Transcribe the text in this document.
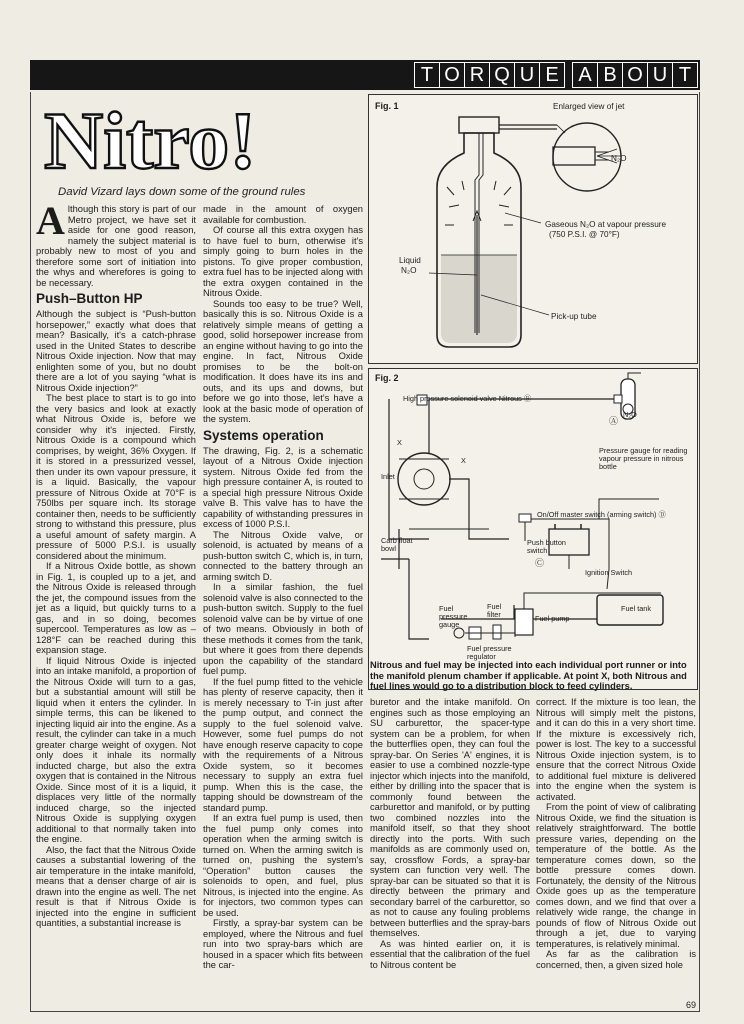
T O R Q U E A B O U T
Nitro!
David Vizard lays down some of the ground rules

Although this story is part of our Metro project, we have set it aside for one good reason, namely the subject material is probably new to most of you and therefore some sort of initiation into the whys and wherefores is going to be necessary.

Push–Button HP

Although the subject is “Push-button horsepower,” exactly what does that mean? Basically, it's a catch-phrase used in the United States to describe Nitrous Oxide injection. Now that may enlighten some of you, but no doubt there are a lot of you saying “what is Nitrous Oxide injection?”

The best place to start is to go into the very basics and look at exactly what Nitrous Oxide is, before we consider why it's injected. Firstly, Nitrous Oxide is a compound which comprises, by weight, 36% Oxygen. If it is stored in a pressurized vessel, then under its own vapour pressure, it is a liquid. Basically, the vapour pressure of Nitrous Oxide at 70°F is 750lbs per square inch. Its storage container then, needs to be sufficiently strong to withstand this pressure, plus a useful amount of safety margin. A pressure of 5000 P.S.I. is usually considered about the minimum.

If a Nitrous Oxide bottle, as shown in Fig. 1, is coupled up to a jet, and the Nitrous Oxide is released through the jet, the compound issues from the jet as a liquid, but quickly turns to a gas, and in so doing, becomes supercool. Temperatures as low as –128°F can be reached during this expansion stage.

If liquid Nitrous Oxide is injected into an intake manifold, a proportion of the Nitrous Oxide will turn to a gas, but a substantial amount will still be liquid when it enters the cylinder. In simple terms, this can be likened to injecting liquid air into the engine. As a result, the cylinder can take in a much greater charge weight of oxygen. Not only does it inhale its normally inducted charge, but also the extra oxygen that is contained in the Nitrous Oxide. Since most of it is a liquid, it displaces very little of the normally induced charge, so the injected Nitrous Oxide is supplying oxygen additional to that normally taken into the engine.

Also, the fact that the Nitrous Oxide causes a substantial lowering of the air temperature in the intake manifold, means that a denser charge of air is drawn into the engine as well. The net result is that if Nitrous Oxide is injected into the engine in sufficient quantities, a substantial increase is

made in the amount of oxygen available for combustion.

Of course all this extra oxygen has to have fuel to burn, otherwise it's simply going to burn holes in the pistons. To give proper combustion, extra fuel has to be injected along with the extra oxygen contained in the Nitrous Oxide.

Sounds too easy to be true? Well, basically this is so. Nitrous Oxide is a relatively simple means of getting a good, solid horsepower increase from an engine without having to go into the engine. In fact, Nitrous Oxide promises to be the bolt-on modification. It does have its ins and outs, and its ups and downs, but before we go into those, let's have a look at the basic mode of operation of the system.

Systems operation

The drawing, Fig. 2, is a schematic layout of a Nitrous Oxide injection system. Nitrous Oxide fed from the high pressure container A, is routed to a special high pressure Nitrous Oxide valve B. This valve has to have the capability of withstanding pressures in excess of 1000 P.S.I.

The Nitrous Oxide valve, or solenoid, is actuated by means of a push-button switch C, which is, in turn, connected to the battery through an arming switch D.

In a similar fashion, the fuel solenoid valve is also connected to the push-button switch. Supply to the fuel solenoid valve can be by virtue of one of two means. Obviously in both of these methods it comes from the tank, but where it goes from there depends upon the capability of the standard fuel pump.

If the fuel pump fitted to the vehicle has plenty of reserve capacity, then it is merely necessary to T-in just after the pump output, and connect the supply to the fuel solenoid valve. However, some fuel pumps do not have enough reserve capacity to cope with the requirements of a Nitrous Oxide system, so it becomes necessary to supply an extra fuel pump. When this is the case, the tapping should be downstream of the standard pump.

If an extra fuel pump is used, then the fuel pump only comes into operation when the arming switch is turned on. When the arming switch is turned on, pushing the system's “Operation” button causes the solenoids to open, and fuel, plus Nitrous, is injected into the engine. As for injectors, two common types can be used.

Firstly, a spray-bar system can be employed, where the Nitrous and fuel run into two spray-bars which are housed in a spacer which fits between the car-

Fig. 1	Enlarged view of jet
N₂O
Gaseous N₂O at vapour pressure
(750 P.S.I. @ 70°F)
Liquid
N₂O
Pick-up tube
Fig. 2
High pressure solenoid valve Nitrous Ⓑ
Ⓐ
N₂O
Pressure gauge for reading vapour pressure in nitrous bottle
X
X
Inlet
On/Off master switch (arming switch) Ⓓ
Carb float bowl
Push button switch
Ⓒ
Ignition Switch
Fuel pressure gauge
Fuel filter	Fuel pump
Fuel tank
Fuel pressure regulator
Nitrous and fuel may be injected into each individual port runner or into the manifold plenum chamber if applicable. At point X, both Nitrous and fuel lines would go to a distribution block to feed cylinders.

buretor and the intake manifold. On engines such as those employing an SU carburettor, the spacer-type system can be a problem, for when the butterflies open, they can foul the spray-bar. On Series 'A' engines, it is easier to use a combined nozzle-type injector which injects into the manifold, either by drilling into the spacer that is commonly found between the carburettor and manifold, or by putting two combined nozzles into the manifold itself, so that they shoot directly into the ports. With such manifolds as are commonly used on, say, crossflow Fords, a spray-bar system can function very well. The spray-bar can be situated so that it is directly between the primary and secondary barrel of the carburettor, so as not to cause any fouling problems between butterflies and the spray-bars themselves.

As was hinted earlier on, it is essential that the calibration of the fuel to Nitrous content be

correct. If the mixture is too lean, the Nitrous will simply melt the pistons, and it can do this in a very short time. If the mixture is excessively rich, power is lost. The key to a successful Nitrous Oxide injection system, is to ensure that the correct Nitrous Oxide to additional fuel mixture is delivered into the engine when the system is activated.

From the point of view of calibrating Nitrous Oxide, we find the situation is relatively straightforward. The bottle pressure varies, depending on the temperature of the bottle. As the temperature comes down, so the bottle pressure comes down. Fortunately, the density of the Nitrous Oxide goes up as the temperature comes down, and we find that over a relatively wide range, the change in pounds of flow of Nitrous Oxide out through a jet, due to varying temperatures, is relatively minimal.

As far as the calibration is concerned, then, a given sized hole

69
